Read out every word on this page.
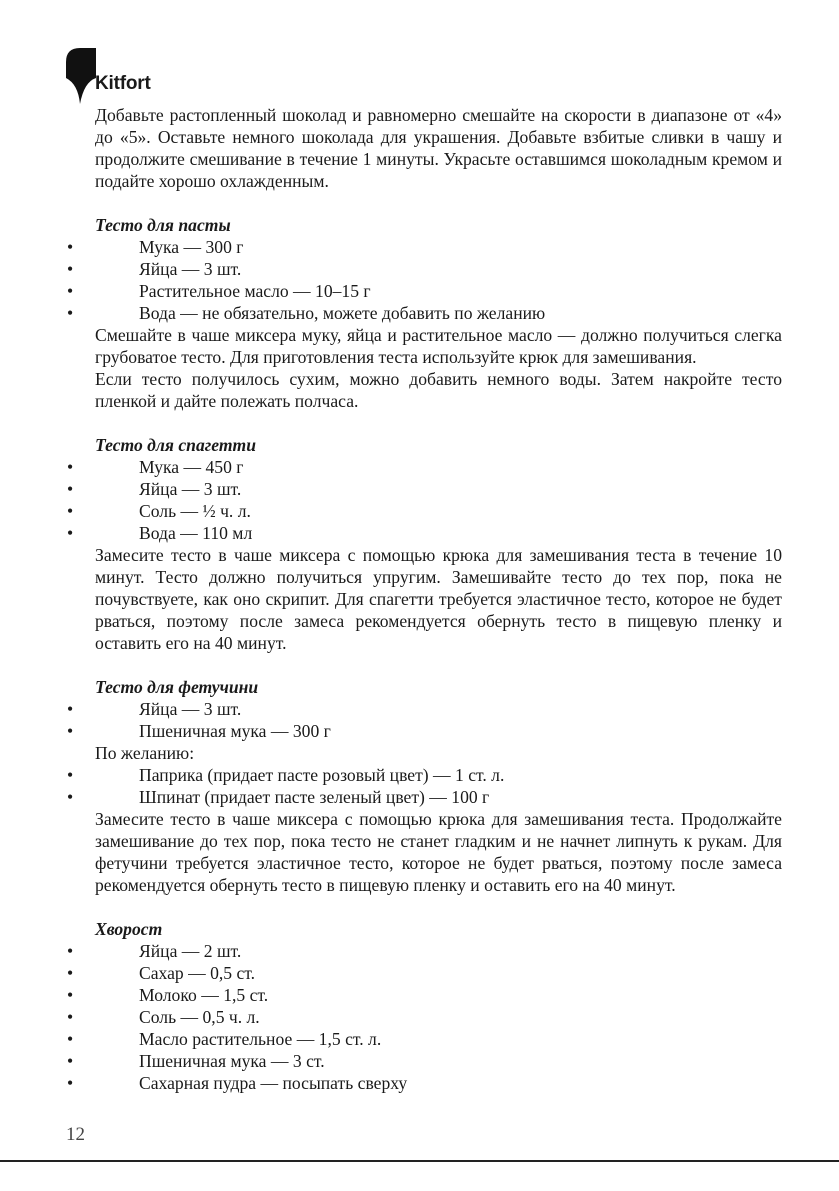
Kitfort

Добавьте растопленный шоколад и равномерно смешайте на скорости в диапазоне от «4» до «5». Оставьте немного шоколада для украшения. Добавьте взбитые сливки в чашу и продолжите смешивание в течение 1 минуты. Украсьте оставшимся шоколадным кремом и подайте хорошо охлажденным.

Тесто для пасты

•	Мука — 300 г
•	Яйца — 3 шт.
•	Растительное масло — 10–15 г
•	Вода — не обязательно, можете добавить по желанию

Смешайте в чаше миксера муку, яйца и растительное масло — должно получиться слегка грубоватое тесто. Для приготовления теста используйте крюк для замешивания.

Если тесто получилось сухим, можно добавить немного воды. Затем накройте тесто пленкой и дайте полежать полчаса.

Тесто для спагетти

•	Мука — 450 г
•	Яйца — 3 шт.
•	Соль — ½ ч. л.
•	Вода — 110 мл

Замесите тесто в чаше миксера с помощью крюка для замешивания теста в течение 10 минут. Тесто должно получиться упругим. Замешивайте тесто до тех пор, пока не почувствуете, как оно скрипит. Для спагетти требуется эластичное тесто, которое не будет рваться, поэтому после замеса рекомендуется обернуть тесто в пищевую пленку и оставить его на 40 минут.

Тесто для фетучини

•	Яйца — 3 шт.
•	Пшеничная мука — 300 г

По желанию:

•	Паприка (придает пасте розовый цвет) — 1 ст. л.
•	Шпинат (придает пасте зеленый цвет) — 100 г

Замесите тесто в чаше миксера с помощью крюка для замешивания теста. Продолжайте замешивание до тех пор, пока тесто не станет гладким и не начнет липнуть к рукам. Для фетучини требуется эластичное тесто, которое не будет рваться, поэтому после замеса рекомендуется обернуть тесто в пищевую пленку и оставить его на 40 минут.

Хворост

•	Яйца — 2 шт.
•	Сахар — 0,5 ст.
•	Молоко — 1,5 ст.
•	Соль — 0,5 ч. л.
•	Масло растительное — 1,5 ст. л.
•	Пшеничная мука — 3 ст.
•	Сахарная пудра — посыпать сверху
12
